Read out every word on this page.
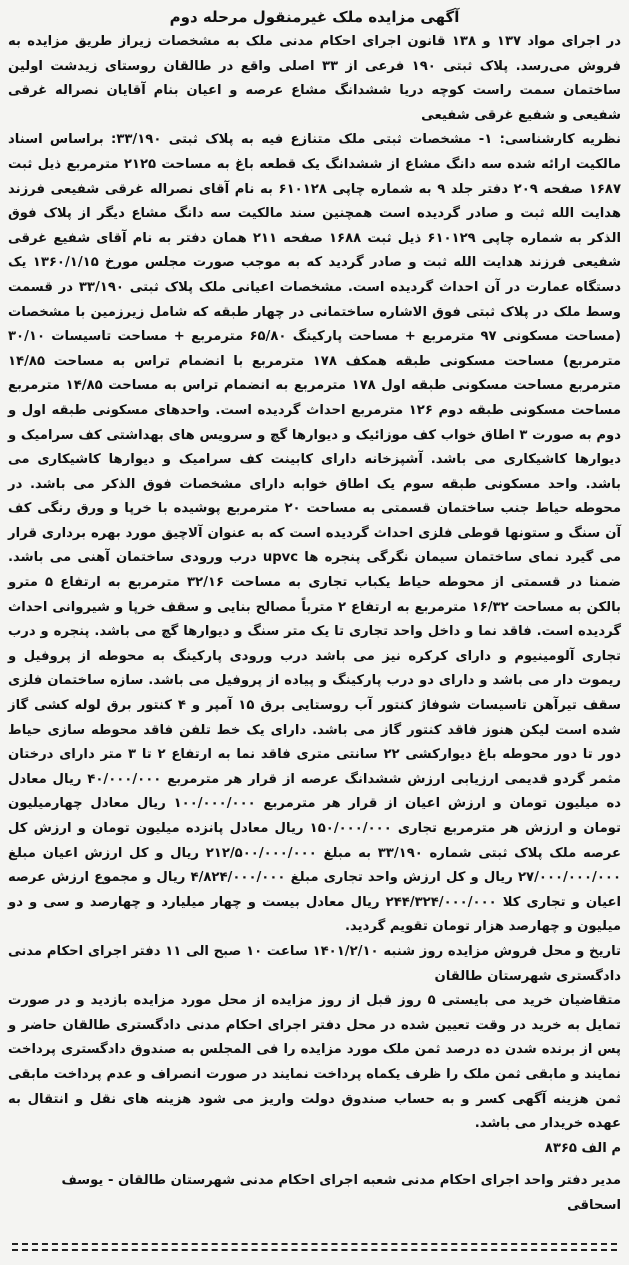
آگهی مزایده ملک غیرمنقول مرحله دوم

در اجرای مواد ۱۳۷ و ۱۳۸ قانون اجرای احکام مدنی ملک به مشخصات زیراز طریق مزایده به فروش می‌رسد. پلاک ثبتی ۱۹۰ فرعی از ۳۳ اصلی واقع در طالقان روستای زیدشت اولین ساختمان سمت راست کوچه دریا ششدانگ مشاع عرصه و اعیان بنام آقایان نصراله غرقی شفیعی و شفیع غرقی شفیعی

نظریه کارشناسی: ۱- مشخصات ثبتی ملک متنازع فیه به پلاک ثبتی ۳۳/۱۹۰: براساس اسناد مالکیت ارائه شده سه دانگ مشاع از ششدانگ یک قطعه باغ به مساحت ۲۱۲۵ مترمربع ذیل ثبت ۱۶۸۷ صفحه ۲۰۹ دفتر جلد ۹ به شماره چاپی ۶۱۰۱۲۸ به نام آقای نصراله غرقی شفیعی فرزند هدایت الله ثبت و صادر گردیده است همچنین سند مالکیت سه دانگ مشاع دیگر از پلاک فوق الذکر به شماره چاپی ۶۱۰۱۲۹ ذیل ثبت ۱۶۸۸ صفحه ۲۱۱ همان دفتر به نام آقای شفیع غرقی شفیعی فرزند هدایت الله ثبت و صادر گردید که به موجب صورت مجلس مورخ ۱۳۶۰/۱/۱۵ یک دستگاه عمارت در آن احداث گردیده است. مشخصات اعیانی ملک پلاک ثبتی ۳۳/۱۹۰ در قسمت وسط ملک در پلاک ثبتی فوق الاشاره ساختمانی در چهار طبقه که شامل زیرزمین با مشخصات (مساحت مسکونی ۹۷ مترمربع + مساحت پارکینگ ۶۵/۸۰ مترمربع + مساحت تاسیسات ۳۰/۱۰ مترمربع) مساحت مسکونی طبقه همکف ۱۷۸ مترمربع با انضمام تراس به مساحت ۱۴/۸۵ مترمربع مساحت مسکونی طبقه اول ۱۷۸ مترمربع به انضمام تراس به مساحت ۱۴/۸۵ مترمربع مساحت مسکونی طبقه دوم ۱۲۶ مترمربع احداث گردیده است. واحدهای مسکونی طبقه اول و دوم به صورت ۳ اطاق خواب کف موزائیک و دیوارها گچ و سرویس های بهداشتی کف سرامیک و دیوارها کاشیکاری می باشد. آشپزخانه دارای کابینت کف سرامیک و دیوارها کاشیکاری می باشد. واحد مسکونی طبقه سوم یک اطاق خوابه دارای مشخصات فوق الذکر می باشد. در محوطه حیاط جنب ساختمان قسمتی به مساحت ۲۰ مترمربع پوشیده با خرپا و ورق رنگی کف آن سنگ و ستونها قوطی فلزی احداث گردیده است که به عنوان آلاچیق مورد بهره برداری قرار می گیرد نمای ساختمان سیمان نگرگی پنجره ها upvc درب ورودی ساختمان آهنی می باشد. ضمنا در قسمتی از محوطه حیاط یکباب تجاری به مساحت ۳۲/۱۶ مترمربع به ارتفاع ۵ مترو بالکن به مساحت ۱۶/۳۲ مترمربع به ارتفاع ۲ مترباً مصالح بنایی و سقف خرپا و شیروانی احداث گردیده است. فاقد نما و داخل واحد تجاری تا یک متر سنگ و دیوارها گچ می باشد. پنجره و درب تجاری آلومینیوم و دارای کرکره نیز می باشد درب ورودی پارکینگ به محوطه از پروفیل و ریموت دار می باشد و دارای دو درب پارکینگ و پیاده از پروفیل می باشد. سازه ساختمان فلزی سقف تیرآهن تاسیسات شوفاژ کنتور آب روستایی برق ۱۵ آمپر و ۴ کنتور برق لوله کشی گاز شده است لیکن هنوز فاقد کنتور گاز می باشد. دارای یک خط تلفن فاقد محوطه سازی حیاط دور تا دور محوطه باغ دیوارکشی ۲۲ سانتی متری فاقد نما به ارتفاع ۲ تا ۳ متر دارای درختان مثمر گردو قدیمی ارزیابی ارزش ششدانگ عرصه از قرار هر مترمربع ۴۰/۰۰۰/۰۰۰ ریال معادل ده میلیون تومان و ارزش اعیان از قرار هر مترمربع ۱۰۰/۰۰۰/۰۰۰ ریال معادل چهارمیلیون تومان و ارزش هر مترمربع تجاری ۱۵۰/۰۰۰/۰۰۰ ریال معادل پانزده میلیون تومان و ارزش کل عرصه ملک پلاک ثبتی شماره ۳۳/۱۹۰ به مبلغ ۲۱۲/۵۰۰/۰۰۰/۰۰۰ ریال و کل ارزش اعیان مبلغ ۲۷/۰۰۰/۰۰۰/۰۰۰ ریال و کل ارزش واحد تجاری مبلغ ۴/۸۲۴/۰۰۰/۰۰۰ ریال و مجموع ارزش عرصه اعیان و تجاری کلا ۲۴۴/۳۲۴/۰۰۰/۰۰۰ ریال معادل بیست و چهار میلیارد و چهارصد و سی و دو میلیون و چهارصد هزار تومان تقویم گردید.

تاریخ و محل فروش مزایده روز شنبه ۱۴۰۱/۲/۱۰ ساعت ۱۰ صبح الی ۱۱ دفتر اجرای احکام مدنی دادگستری شهرستان طالقان

متقاضیان خرید می بایستی ۵ روز قبل از روز مزایده از محل مورد مزایده بازدید و در صورت تمایل به خرید در وقت تعیین شده در محل دفتر اجرای احکام مدنی دادگستری طالقان حاضر و پس از برنده شدن ده درصد ثمن ملک مورد مزایده را فی المجلس به صندوق دادگستری پرداخت نمایند و مابقی ثمن ملک را ظرف یکماه پرداخت نمایند در صورت انصراف و عدم پرداخت مابقی ثمن هزینه آگهی کسر و به حساب صندوق دولت واریز می شود هزینه های نقل و انتقال به عهده خریدار می باشد.

م الف ۸۳۶۵

مدیر دفتر واحد اجرای احکام مدنی شعبه اجرای احکام مدنی شهرستان طالقان - یوسف اسحاقی
